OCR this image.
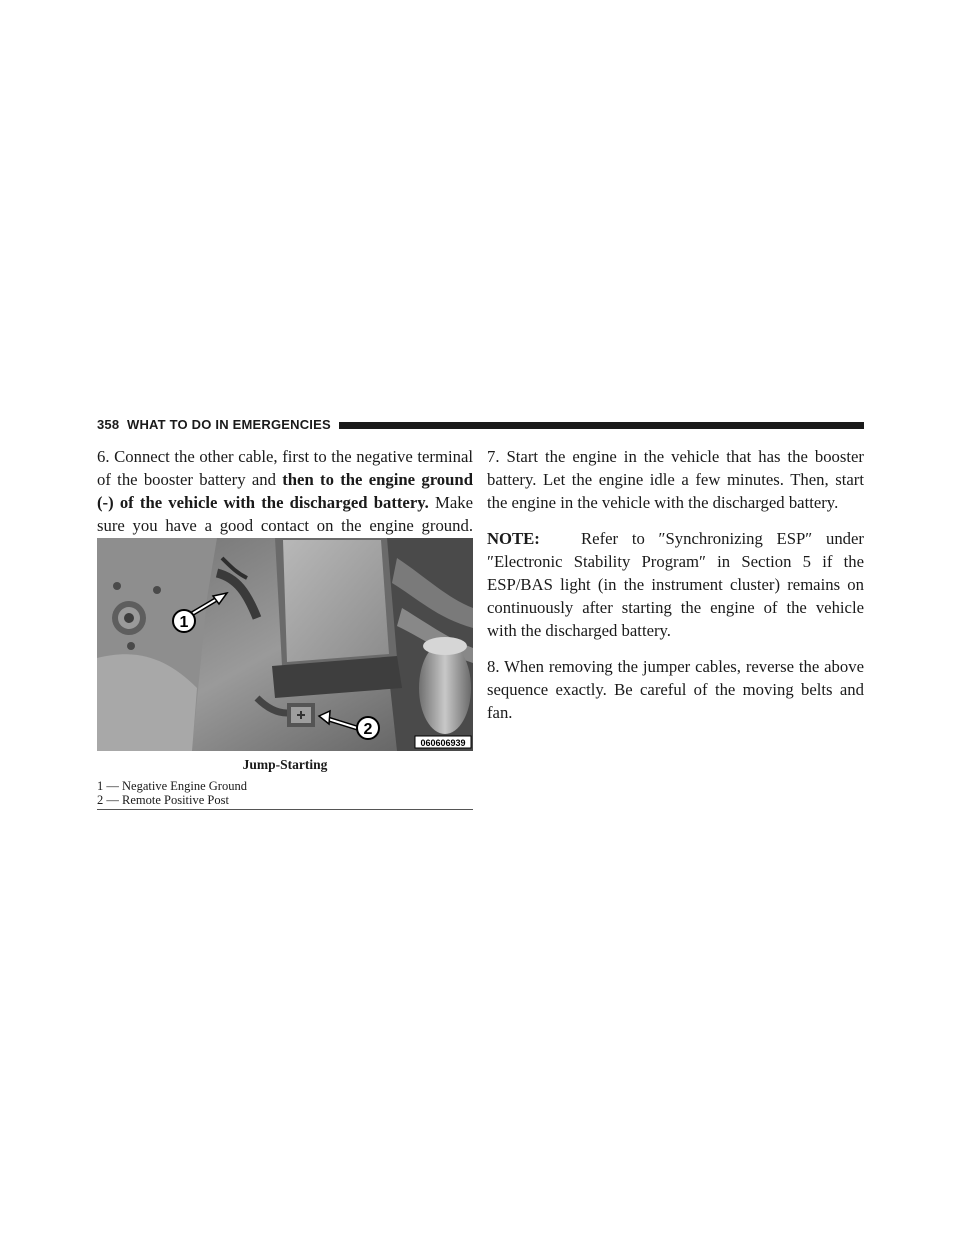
358 WHAT TO DO IN EMERGENCIES

6. Connect the other cable, first to the negative terminal of the booster battery and then to the engine ground (-) of the vehicle with the discharged battery. Make sure you have a good contact on the engine ground.

1
2
060606939
Jump-Starting
1 — Negative Engine Ground
2 — Remote Positive Post

7. Start the engine in the vehicle that has the booster battery. Let the engine idle a few minutes. Then, start the engine in the vehicle with the discharged battery.

NOTE:   Refer to ″Synchronizing ESP″ under ″Electronic Stability Program″ in Section 5 if the ESP/BAS light (in the instrument cluster) remains on continuously after starting the engine of the vehicle with the discharged battery.

8. When removing the jumper cables, reverse the above sequence exactly. Be careful of the moving belts and fan.
